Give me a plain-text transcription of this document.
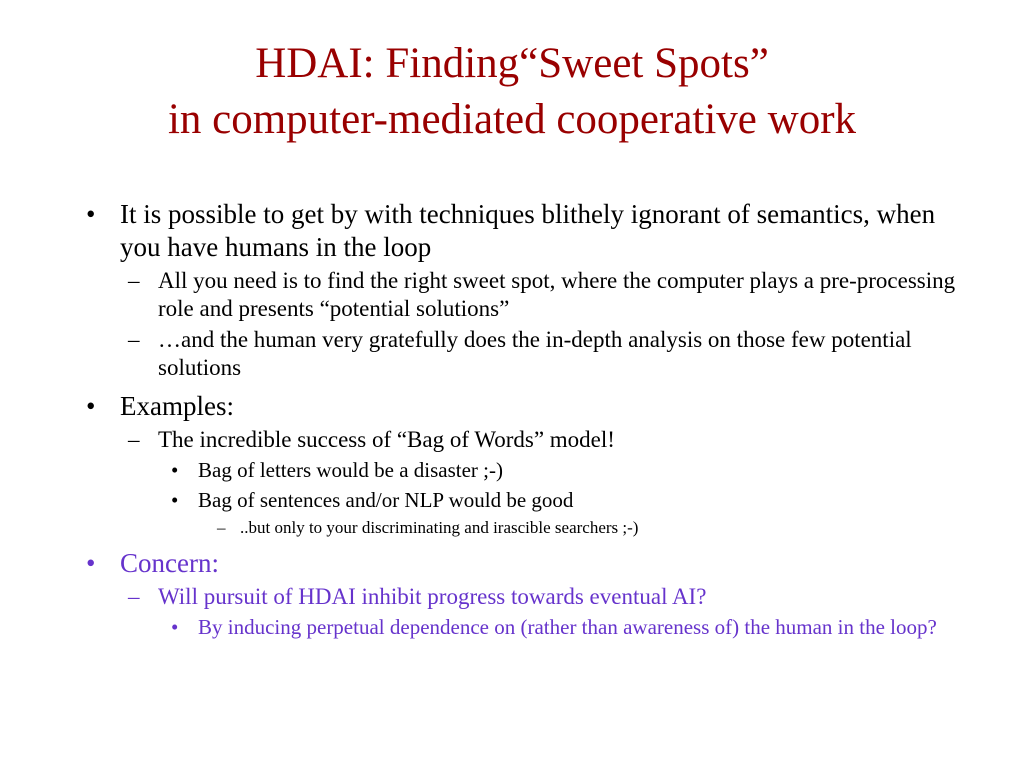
HDAI: Finding“Sweet Spots”
in computer-mediated cooperative work
• It is possible to get by with techniques blithely ignorant of semantics, when you have humans in the loop
– All you need is to find the right sweet spot, where the computer plays a pre-processing role and presents “potential solutions”
– …and the human very gratefully does the in-depth analysis on those few potential solutions
• Examples:
– The incredible success of “Bag of Words” model!
• Bag of letters would be a disaster ;-)
• Bag of sentences and/or NLP would be good
– ..but only to your discriminating and irascible searchers ;-)
• Concern:
– Will pursuit of HDAI inhibit progress towards eventual AI?
• By inducing perpetual dependence on (rather than awareness of) the human in the loop?
